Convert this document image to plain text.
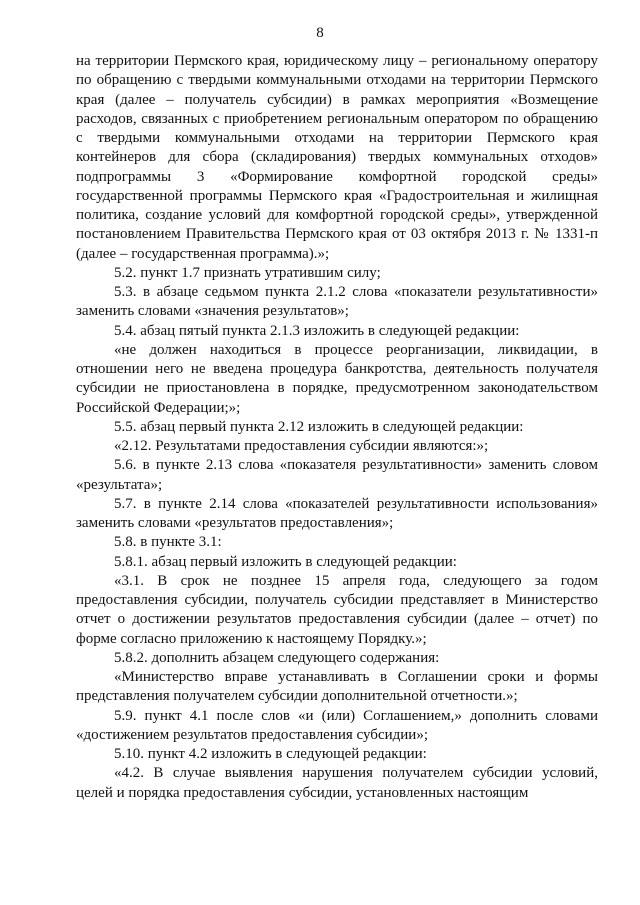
8

на территории Пермского края, юридическому лицу – региональному оператору по обращению с твердыми коммунальными отходами на территории Пермского края (далее – получатель субсидии) в рамках мероприятия «Возмещение расходов, связанных с приобретением региональным оператором по обращению с твердыми коммунальными отходами на территории Пермского края контейнеров для сбора (складирования) твердых коммунальных отходов» подпрограммы 3 «Формирование комфортной городской среды» государственной программы Пермского края «Градостроительная и жилищная политика, создание условий для комфортной городской среды», утвержденной постановлением Правительства Пермского края от 03 октября 2013 г. № 1331-п (далее – государственная программа).»;

5.2. пункт 1.7 признать утратившим силу;

5.3. в абзаце седьмом пункта 2.1.2 слова «показатели результативности» заменить словами «значения результатов»;

5.4. абзац пятый пункта 2.1.3 изложить в следующей редакции:

«не должен находиться в процессе реорганизации, ликвидации, в отношении него не введена процедура банкротства, деятельность получателя субсидии не приостановлена в порядке, предусмотренном законодательством Российской Федерации;»;

5.5. абзац первый пункта 2.12 изложить в следующей редакции:

«2.12. Результатами предоставления субсидии являются:»;

5.6. в пункте 2.13 слова «показателя результативности» заменить словом «результата»;

5.7. в пункте 2.14 слова «показателей результативности использования» заменить словами «результатов предоставления»;

5.8. в пункте 3.1:

5.8.1. абзац первый изложить в следующей редакции:

«3.1. В срок не позднее 15 апреля года, следующего за годом предоставления субсидии, получатель субсидии представляет в Министерство отчет о достижении результатов предоставления субсидии (далее – отчет) по форме согласно приложению к настоящему Порядку.»;

5.8.2. дополнить абзацем следующего содержания:

«Министерство вправе устанавливать в Соглашении сроки и формы представления получателем субсидии дополнительной отчетности.»;

5.9. пункт 4.1 после слов «и (или) Соглашением,» дополнить словами «достижением результатов предоставления субсидии»;

5.10. пункт 4.2 изложить в следующей редакции:

«4.2. В случае выявления нарушения получателем субсидии условий, целей и порядка предоставления субсидии, установленных настоящим
